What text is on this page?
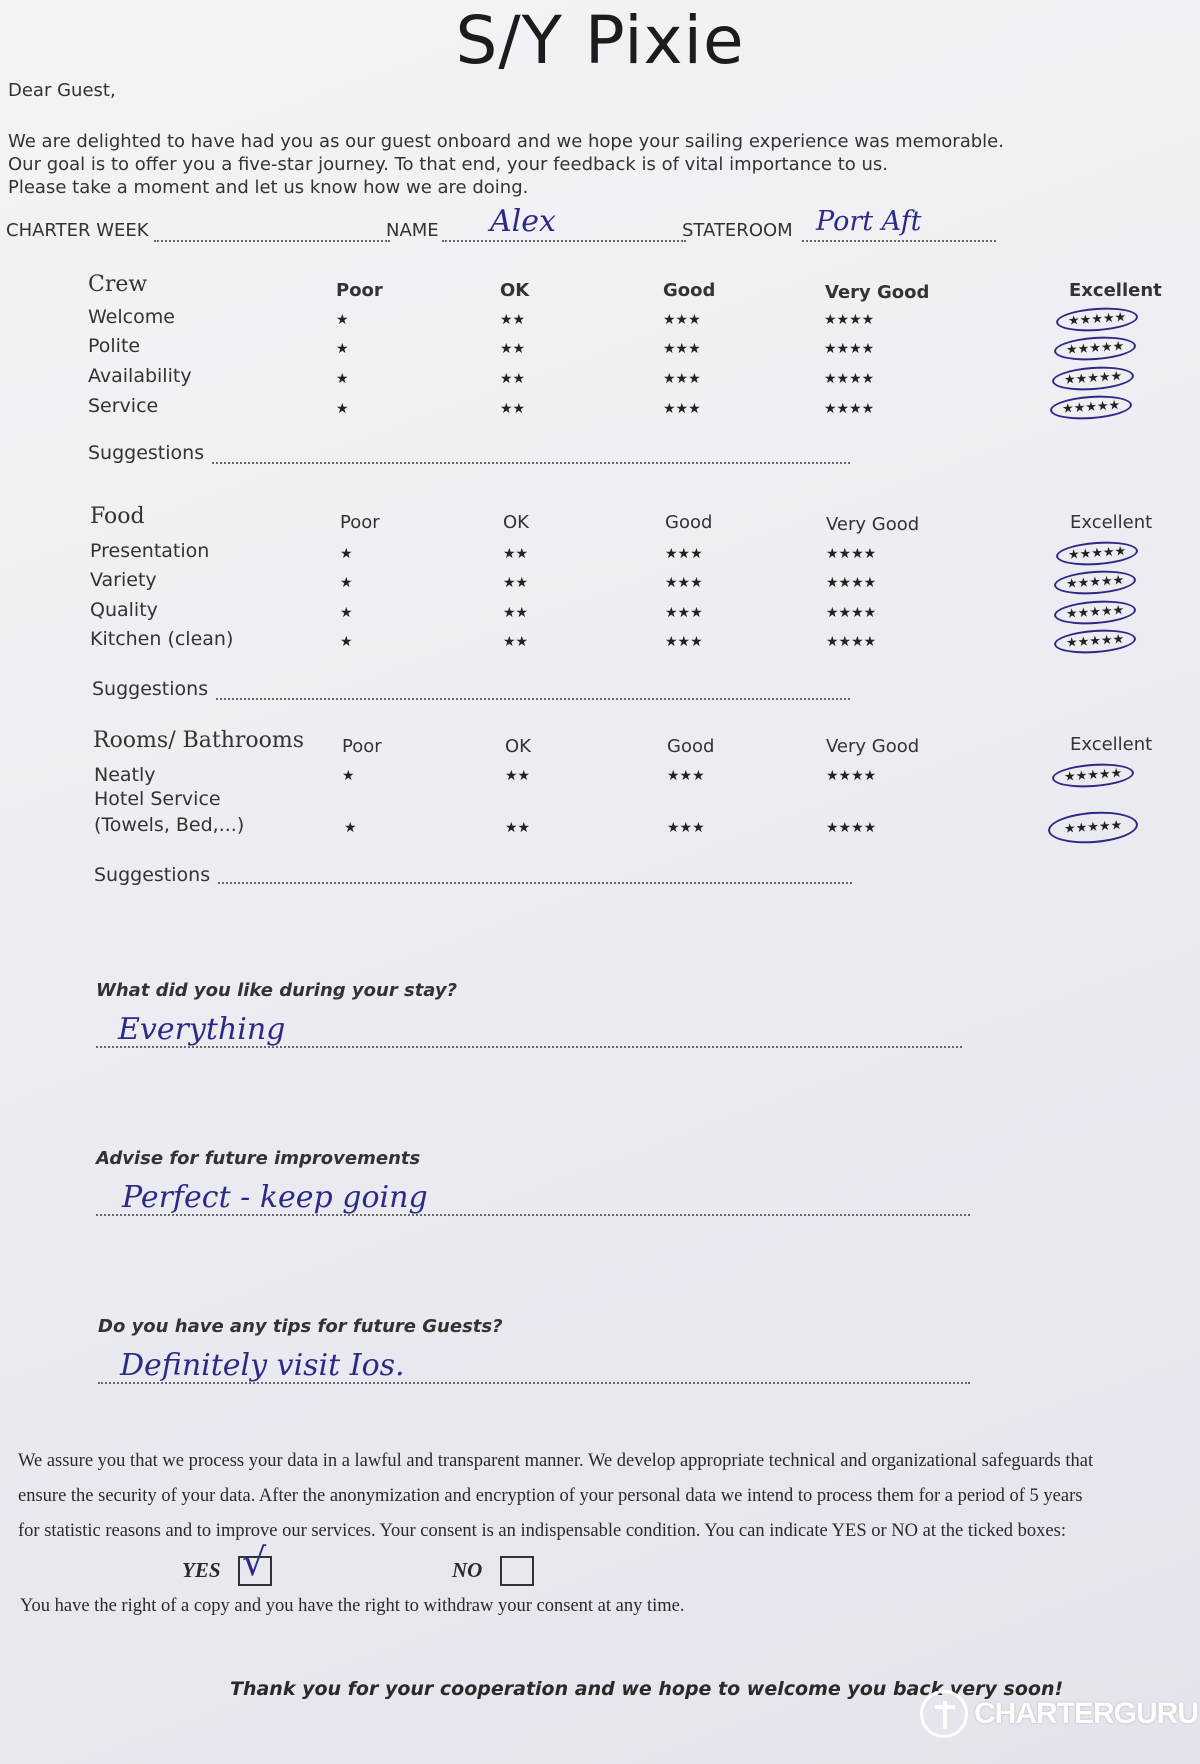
S/Y Pixie
Dear Guest,
We are delighted to have had you as our guest onboard and we hope your sailing experience was memorable.
Our goal is to offer you a five-star journey. To that end, your feedback is of vital importance to us.
Please take a moment and let us know how we are doing.
CHARTER WEEK	NAME Alex	STATEROOM Port Aft
Crew	Poor	OK	Good	Very Good	Excellent
Welcome	★	★★	★★★	★★★★	★★★★★
Polite	★	★★	★★★	★★★★	★★★★★
Availability	★	★★	★★★	★★★★	★★★★★
Service	★	★★	★★★	★★★★	★★★★★
Suggestions
Food	Poor	OK	Good	Very Good	Excellent
Presentation	★	★★	★★★	★★★★	★★★★★
Variety	★	★★	★★★	★★★★	★★★★★
Quality	★	★★	★★★	★★★★	★★★★★
Kitchen (clean)	★	★★	★★★	★★★★	★★★★★
Suggestions
Rooms/ Bathrooms Poor	OK	Good	Very Good	Excellent
Neatly	★	★★	★★★	★★★★	★★★★★
Hotel Service
(Towels, Bed,...)	★	★★	★★★	★★★★	★★★★★
Suggestions
What did you like during your stay?
Everything
Advise for future improvements
Perfect - keep going
Do you have any tips for future Guests?
Definitely visit Ios.
We assure you that we process your data in a lawful and transparent manner. We develop appropriate technical and organizational safeguards that
ensure the security of your data. After the anonymization and encryption of your personal data we intend to process them for a period of 5 years
for statistic reasons and to improve our services. Your consent is an indispensable condition. You can indicate YES or NO at the ticked boxes:
YES √	NO
You have the right of a copy and you have the right to withdraw your consent at any time.
Thank you for your cooperation and we hope to welcome you back very soon!
CHARTERGURU
